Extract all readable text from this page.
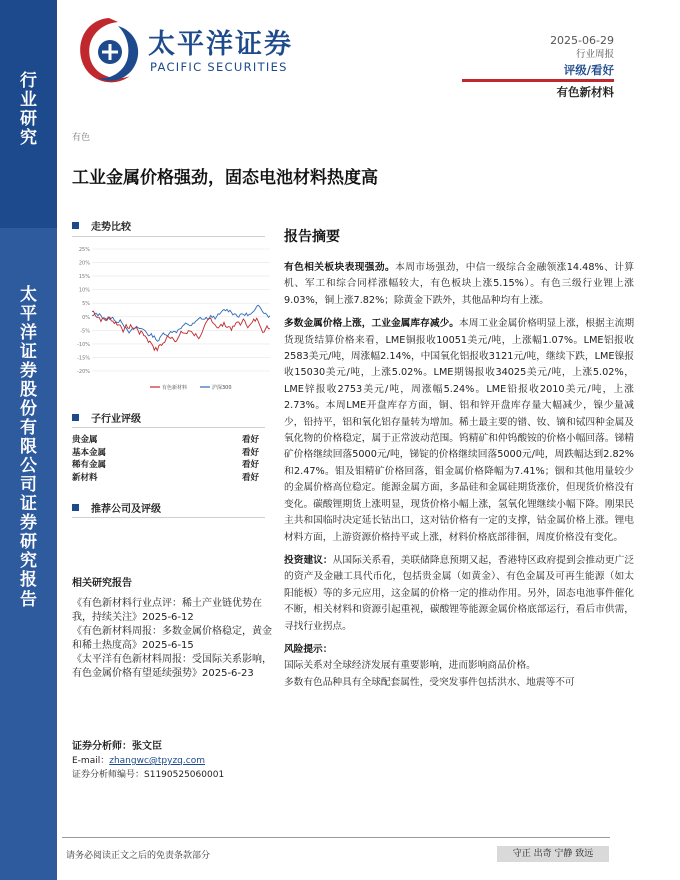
行
业
研
究
太
平
洋
证
券
股
份
有
限
公
司
证
券
研
究
报
告
太平洋证券
PACIFIC SECURITIES
2025-06-29
行业周报
评级/看好
有色新材料
有色
工业金属价格强劲，固态电池材料热度高
走势比较
25%
20%
15%
10%
5%
0%
-5%
-10%
-15%
-20%
有色新材料	沪深300
子行业评级
贵金属	看好
基本金属	看好
稀有金属	看好
新材料	看好
推荐公司及评级
相关研究报告

《有色新材料行业点评：稀土产业链优势在我，持续关注》2025-6-12

《有色新材料周报：多数金属价格稳定，黄金和稀土热度高》2025-6-15

《太平洋有色新材料周报：受国际关系影响，有色金属价格有望延续强势》2025-6-23

证券分析师：张文臣
E-mail：zhangwc@tpyzq.com
证券分析师编号：S1190525060001
报告摘要

有色相关板块表现强劲。本周市场强劲，中信一级综合金融领涨14.48%、计算机、军工和综合同样涨幅较大，有色板块上涨5.15%）。有色三级行业锂上涨9.03%，铜上涨7.82%；除黄金下跌外，其他品种均有上涨。

多数金属价格上涨，工业金属库存减少。本周工业金属价格明显上涨，根据主流期货现货结算价格来看，LME铜报收10051美元/吨，上涨幅1.07%。LME铝报收2583美元/吨，周涨幅2.14%，中国氧化铝报收3121元/吨，继续下跌，LME镍报收15030美元/吨，上涨5.02%。LME期锡报收34025美元/吨，上涨5.02%，LME锌报收2753美元/吨，周涨幅5.24%。LME铅报收2010美元/吨，上涨2.73%。本周LME开盘库存方面，铜、铝和锌开盘库存量大幅减少，镍少量减少，铅持平，铝和氧化铝存量转为增加。稀土最主要的镨、钕、镝和铽四种金属及氧化物的价格稳定，属于正常波动范围。钨精矿和仲钨酸铵的价格小幅回落。锑精矿价格继续回落5000元/吨，锑锭的价格继续回落5000元/吨，周跌幅达到2.82%和2.47%。钼及钼精矿价格回落，钼金属价格降幅为7.41%；铟和其他用量较少的金属价格高位稳定。能源金属方面，多晶硅和金属硅期货涨价，但现货价格没有变化。碳酸锂期货上涨明显，现货价格小幅上涨，氢氧化锂继续小幅下降。刚果民主共和国临时决定延长钴出口，这对钴价格有一定的支撑，钴金属价格上涨。锂电材料方面，上游资源价格持平或上涨，材料价格底部徘徊，周度价格没有变化。

投资建议：从国际关系看，美联储降息预期又起，香港特区政府提到会推动更广泛的资产及金融工具代币化，包括贵金属（如黄金）、有色金属及可再生能源（如太阳能板）等的多元应用，这金属的价格一定的推动作用。另外，固态电池事件催化不断，相关材料和资源引起重视，碳酸锂等能源金属价格底部运行，看后市供需，寻找行业拐点。

风险提示：

国际关系对全球经济发展有重要影响，进而影响商品价格。

多数有色品种具有全球配套属性，受突发事件包括洪水、地震等不可

请务必阅读正文之后的免责条款部分	守正 出奇 宁静 致远
